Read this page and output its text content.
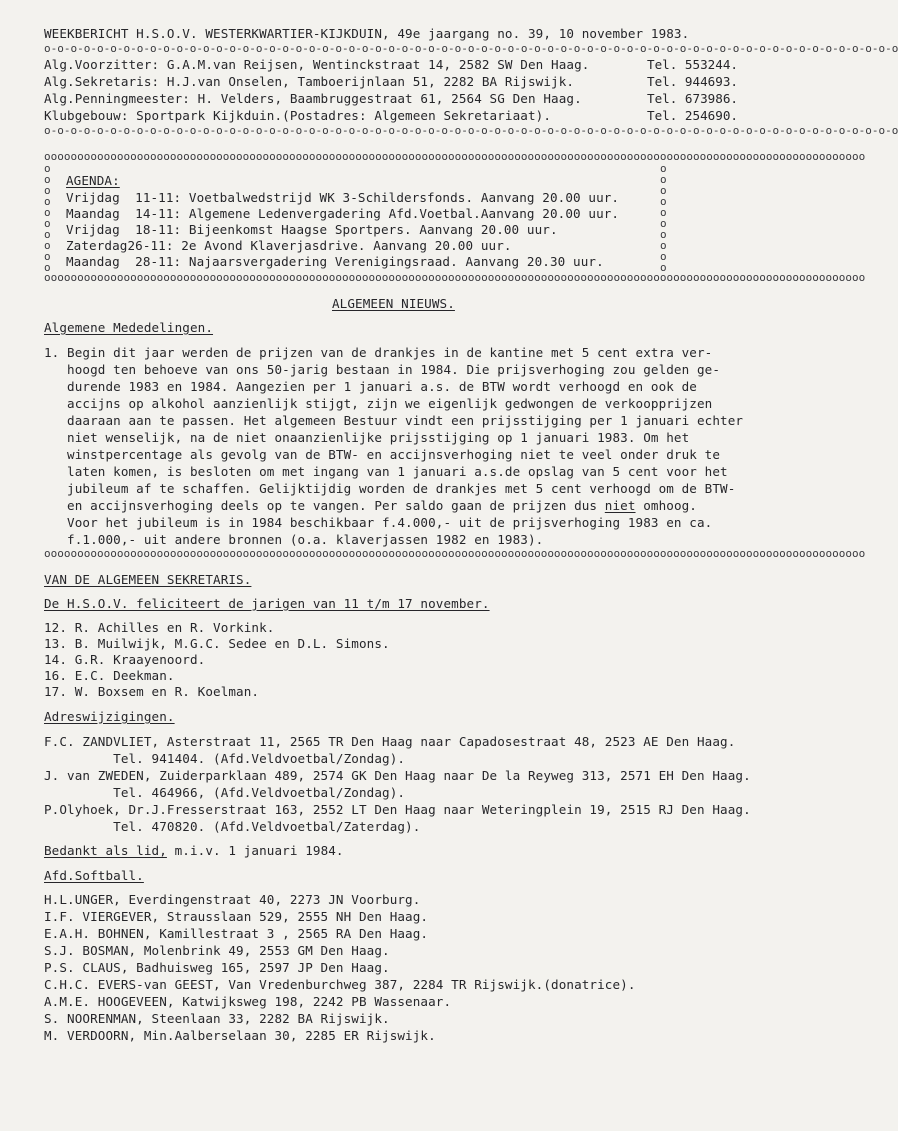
WEEKBERICHT H.S.O.V. WESTERKWARTIER-KIJKDUIN, 49e jaargang no. 39, 10 november 1983.
o-o-o-o-o-o-o-o-o-o-o-o-o-o-o-o-o-o-o-o-o-o-o-o-o-o-o-o-o-o-o-o-o-o-o-o-o-o-o-o-o-o-o-o-o-o-o-o-o-o-o-o-o-o-o-o-o-o-o-o-o-o-o-o-o
Alg.Voorzitter: G.A.M.van Reijsen, Wentinckstraat 14, 2582 SW Den Haag.	Tel. 553244.
Alg.Sekretaris: H.J.van Onselen, Tamboerijnlaan 51, 2282 BA Rijswijk.	Tel. 944693.
Alg.Penningmeester: H. Velders, Baambruggestraat 61, 2564 SG Den Haag.	Tel. 673986.
Klubgebouw: Sportpark Kijkduin.(Postadres: Algemeen Sekretariaat).	Tel. 254690.
o-o-o-o-o-o-o-o-o-o-o-o-o-o-o-o-o-o-o-o-o-o-o-o-o-o-o-o-o-o-o-o-o-o-o-o-o-o-o-o-o-o-o-o-o-o-o-o-o-o-o-o-o-o-o-o-o-o-o-o-o-o-o-o-o
oooooooooooooooooooooooooooooooooooooooooooooooooooooooooooooooooooooooooooooooooooooooooooooooooooooooooooooooooooooooooooo
o
o
o
o
o
o
o
o
o
o
o
o
o
o
o
o
o
o
o
o
AGENDA:
Vrijdag  11-11: Voetbalwedstrijd WK 3-Schildersfonds. Aanvang 20.00 uur.
Maandag  14-11: Algemene Ledenvergadering Afd.Voetbal.Aanvang 20.00 uur.
Vrijdag  18-11: Bijeenkomst Haagse Sportpers. Aanvang 20.00 uur.
Zaterdag26-11: 2e Avond Klaverjasdrive. Aanvang 20.00 uur.
Maandag  28-11: Najaarsvergadering Verenigingsraad. Aanvang 20.30 uur.
oooooooooooooooooooooooooooooooooooooooooooooooooooooooooooooooooooooooooooooooooooooooooooooooooooooooooooooooooooooooooooo
ALGEMEEN NIEUWS.
Algemene Mededelingen.
1. Begin dit jaar werden de prijzen van de drankjes in de kantine met 5 cent extra ver-
hoogd ten behoeve van ons 50-jarig bestaan in 1984. Die prijsverhoging zou gelden ge-
durende 1983 en 1984. Aangezien per 1 januari a.s. de BTW wordt verhoogd en ook de
accijns op alkohol aanzienlijk stijgt, zijn we eigenlijk gedwongen de verkoopprijzen
daaraan aan te passen. Het algemeen Bestuur vindt een prijsstijging per 1 januari echter
niet wenselijk, na de niet onaanzienlijke prijsstijging op 1 januari 1983. Om het
winstpercentage als gevolg van de BTW- en accijnsverhoging niet te veel onder druk te
laten komen, is besloten om met ingang van 1 januari a.s.de opslag van 5 cent voor het
jubileum af te schaffen. Gelijktijdig worden de drankjes met 5 cent verhoogd om de BTW-
en accijnsverhoging deels op te vangen. Per saldo gaan de prijzen dus niet omhoog.
Voor het jubileum is in 1984 beschikbaar f.4.000,- uit de prijsverhoging 1983 en ca.
f.1.000,- uit andere bronnen (o.a. klaverjassen 1982 en 1983).
oooooooooooooooooooooooooooooooooooooooooooooooooooooooooooooooooooooooooooooooooooooooooooooooooooooooooooooooooooooooooooo
VAN DE ALGEMEEN SEKRETARIS.
De H.S.O.V. feliciteert de jarigen van 11 t/m 17 november.
12. R. Achilles en R. Vorkink.
13. B. Muilwijk, M.G.C. Sedee en D.L. Simons.
14. G.R. Kraayenoord.
16. E.C. Deekman.
17. W. Boxsem en R. Koelman.
Adreswijzigingen.
F.C. ZANDVLIET, Asterstraat 11, 2565 TR Den Haag naar Capadosestraat 48, 2523 AE Den Haag.
Tel. 941404. (Afd.Veldvoetbal/Zondag).
J. van ZWEDEN, Zuiderparklaan 489, 2574 GK Den Haag naar De la Reyweg 313, 2571 EH Den Haag.
Tel. 464966, (Afd.Veldvoetbal/Zondag).
P.Olyhoek, Dr.J.Fresserstraat 163, 2552 LT Den Haag naar Weteringplein 19, 2515 RJ Den Haag.
Tel. 470820. (Afd.Veldvoetbal/Zaterdag).
Bedankt als lid, m.i.v. 1 januari 1984.
Afd.Softball.
H.L.UNGER, Everdingenstraat 40, 2273 JN Voorburg.
I.F. VIERGEVER, Strausslaan 529, 2555 NH Den Haag.
E.A.H. BOHNEN, Kamillestraat 3 , 2565 RA Den Haag.
S.J. BOSMAN, Molenbrink 49, 2553 GM Den Haag.
P.S. CLAUS, Badhuisweg 165, 2597 JP Den Haag.
C.H.C. EVERS-van GEEST, Van Vredenburchweg 387, 2284 TR Rijswijk.(donatrice).
A.M.E. HOOGEVEEN, Katwijksweg 198, 2242 PB Wassenaar.
S. NOORENMAN, Steenlaan 33, 2282 BA Rijswijk.
M. VERDOORN, Min.Aalberselaan 30, 2285 ER Rijswijk.
